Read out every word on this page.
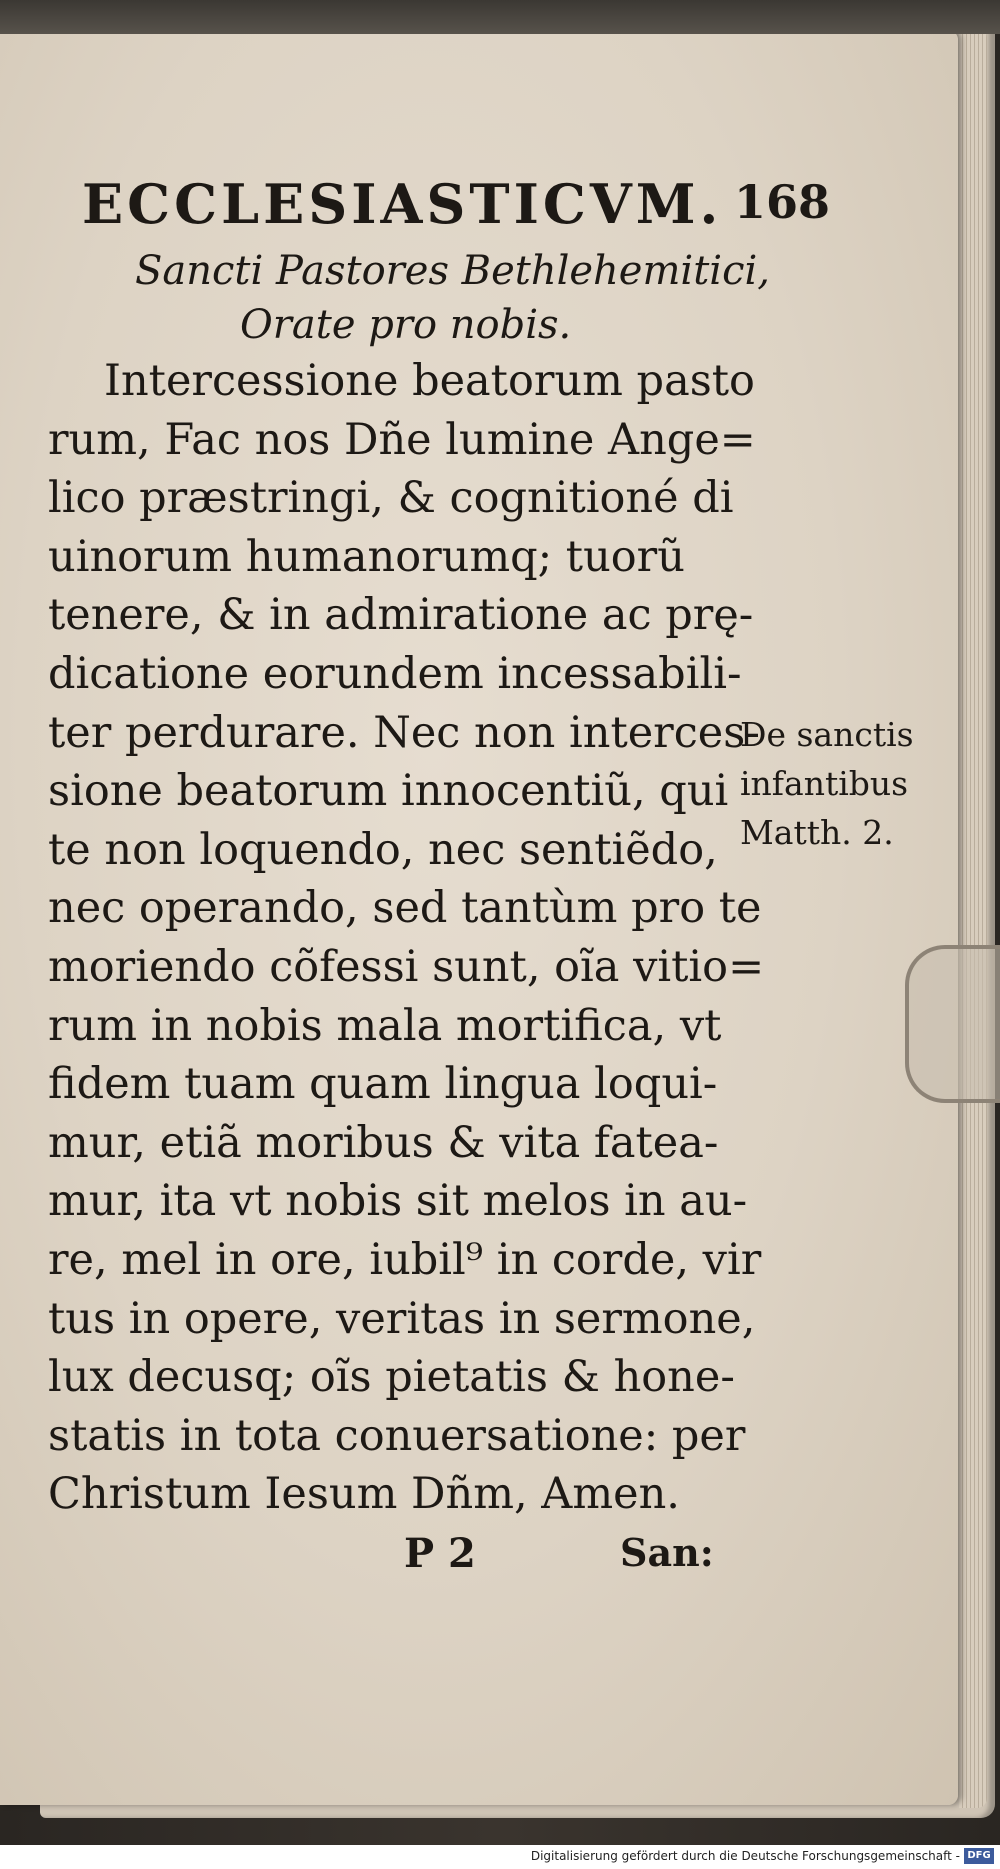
ECCLESIASTICVM. 168
Sancti Pastores Bethlehemitici,
Orate pro nobis.
Intercessione beatorum pasto
rum, Fac nos Dñe lumine Ange=
lico præstringi, & cognitioné di
uinorum humanorumq; tuorũ
tenere, & in admiratione ac prę-
dicatione eorundem incessabili-
ter perdurare. Nec non interces-
sione beatorum innocentiũ, qui
te non loquendo, nec sentiẽdo,
nec operando, sed tantùm pro te
moriendo cõfessi sunt, oĩa vitio=
rum in nobis mala mortifica, vt
fidem tuam quam lingua loqui-
mur, etiã moribus & vita fatea-
mur, ita vt nobis sit melos in au-
re, mel in ore, iubil⁹ in corde, vir
tus in opere, veritas in sermone,
lux decusq; oĩs pietatis & hone-
statis in tota conuersatione: per
Christum Iesum Dñm, Amen.
De sanctis
infantibus
Matth. 2.
P 2	San:
Digitalisierung gefördert durch die Deutsche Forschungsgemeinschaft - DFG
